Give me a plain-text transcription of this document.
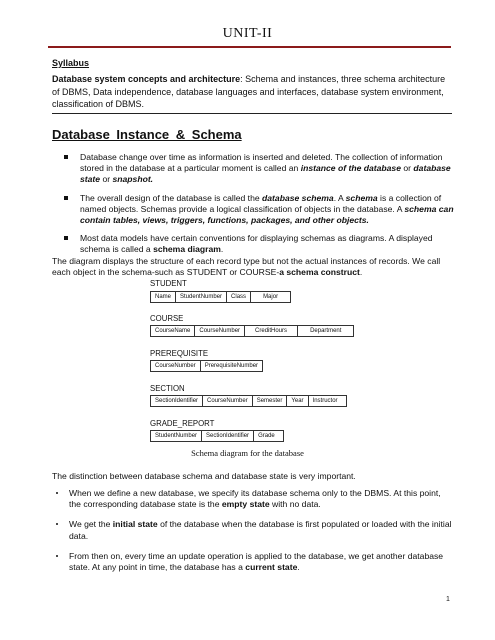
UNIT-II
Syllabus
Database system concepts and architecture: Schema and instances, three schema architecture of DBMS, Data independence, database languages and interfaces, database system environment, classification of DBMS.
Database Instance & Schema
Database change over time as information is inserted and deleted. The collection of information stored in the database at a particular moment is called an instance of the database or database state or snapshot.
The overall design of the database is called the database schema. A schema is a collection of named objects. Schemas provide a logical classification of objects in the database. A schema can contain tables, views, triggers, functions, packages, and other objects.
Most data models have certain conventions for displaying schemas as diagrams. A displayed schema is called a schema diagram.
The diagram displays the structure of each record type but not the actual instances of records. We call each object in the schema-such as STUDENT or COURSE-a schema construct.
STUDENT
Name	StudentNumber	Class	Major
COURSE
CourseName	CourseNumber	CreditHours	Department
PREREQUISITE
CourseNumber	PrerequisiteNumber
SECTION
SectionIdentifier	CourseNumber	Semester	Year	Instructor
GRADE_REPORT
StudentNumber	SectionIdentifier	Grade
Schema diagram for the database
The distinction between database schema and database state is very important.
When we define a new database, we specify its database schema only to the DBMS. At this point, the corresponding database state is the empty state with no data.
We get the initial state of the database when the database is first populated or loaded with the initial data.
From then on, every time an update operation is applied to the database, we get another database state. At any point in time, the database has a current state.
1
